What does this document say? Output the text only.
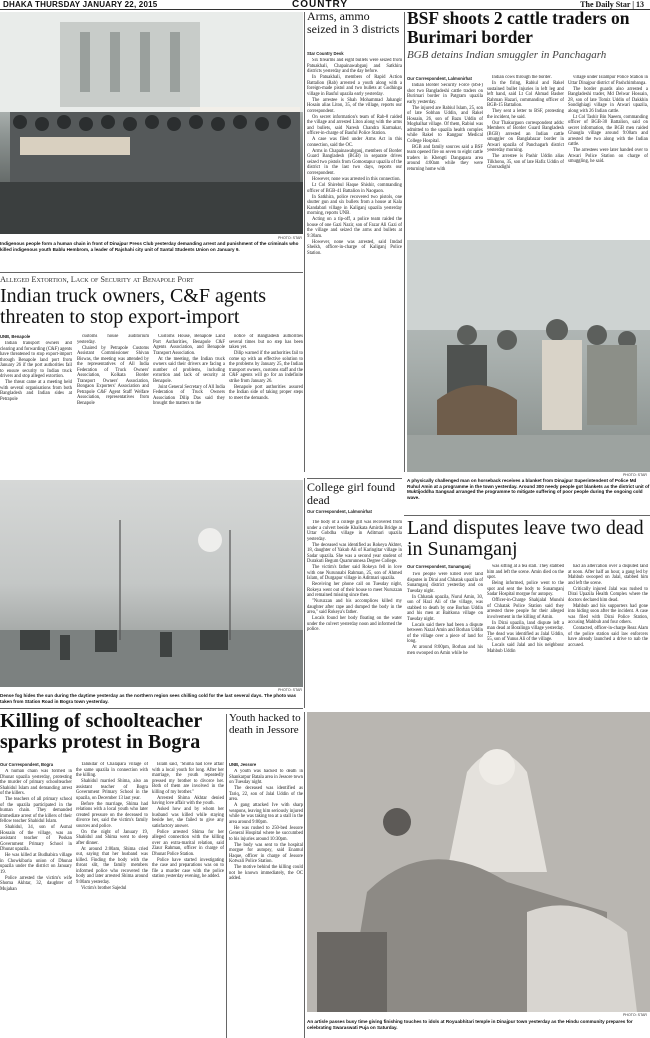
DHAKA THURSDAY JANUARY 22, 2015	COUNTRY	The Daily Star | 13
PHOTO: STAR
Indigenous people form a human chain in front of Dinajpur Press Club yesterday demanding arrest and punishment of the criminals who killed indigenous youth Bablu Hembrom, a leader of Rajshahi city unit of Santal Students Union on January 9.
Arms, ammo seized in 3 districts
Star Country Desk

Six firearms and eight bullets were seized from Patuakhali, Chapainawabganj and Satkhira districts yesterday and the day before.

In Patuakhali, members of Rapid Action Battalion (Rab) arrested a youth along with a foreign-made pistol and two bullets at Godhinga village in Bauful upazila early yesterday.

The arrestee is Shah Mohammad Jahangir Hosain alias Liton, 35, of the village, reports our correspondent.

On secret information's team of Rab-8 raided the village and arrested Liton along with the arms and bullets, said Naresh Chandra Karmakar, officer-in-charge of Bauful Police Station.

A case was filed under Arms Act in this connection, said the OC.

Arms in Chapainawabganj, members of Border Guard Bangladesh (BGB) in separate drives seized two pistols from Gomostapur upazila of the district in the last two days, reports our correspondent.

However, none was arrested in this connection.

Lt Col Shirebul Haque Shishir, commanding officer of BGB-41 Battalion in Naogaon.

In Satkhira, police recovered two pistols, one shutter gun and six bullets from a house at Kala Kandabari village in Kaliganj upazila yesterday morning, reports UNB.

Acting on a tip-off, a police team raided the house of one Gazi Nazir, son of Fazar Ali Gazi of the village and seized the arms and bullets at 9:30am.

However, none was arrested, said Imdad Sheikh, officer-in-charge of Kaliganj Police Station.

BSF shoots 2 cattle traders on Burimari border
BGB detains Indian smuggler in Panchagarh
Our Correspondent, Lalmonirhat

Indian Border Security Force (BSF) shot two Bangladeshi cattle traders on Burimari border in Patgram upazila early yesterday.

The injured are Rabiul Islam, 25, son of late Sobhan Uddin, and Rakel Hossain, 26, son of Bazu Uddin of Moghalhat village. Of them, Rabiul was admitted to the upazila health complex while Rakel to Rangpur Medical College Hospital.

BGB and family sources said a BSF team opened fire on seven to eight cattle traders in Khengti Dangapara area around 4:00am while they were returning home with

Indian cows through the border.

In the firing, Rabiul and Rakel sustained bullet injuries in left leg and left hand, said Lt Col Ahmad Basher Rahman Hazari, commanding officer of BGB-15 Battalion.

They sent a letter to BSF, protesting the incident, he said.

Our Thakurgaon correspondent adds: Members of Border Guard Bangladesh (BGB) arrested an Indian cattle smuggler on Banglabazar border in Atwari upazila of Panchagarh district yesterday morning.

The arrestee is Pashir Uddin alias Tilkhonu, 35, son of late Hafiz Uddin of Ghorsadighi

village under Islampur Police Station in Uttar Dinajpur district of Pashchimbanga.

The border guards also arrested a Bangladeshi trader, Md Delwar Hossain, 28, son of late Tomiz Uddin of Dakkhin Sondighiagi village in Atwari upazila, along with 26 Indian cattle.

Lt Col Tashir Bin Naeem, commanding officer of BGB-30 Battalion, said on secret information, the BGB men raided Ghaugla village around 9:00am and arrested the two along with the Indian cattle.

The arrestees were later handed over to Atwari Police Station on charge of smuggling, he said.

PHOTO: STAR
A physically challenged man on horseback receives a blanket from Dinajpur Superintendent of Police Md Ruhul Amin at a programme in the town yesterday. Around 300 needy people got blankets as the district unit of Muktijoddha Sangsad arranged the programme to mitigate suffering of poor people during the ongoing cold wave.
Alleged Extortion, Lack of Security at Benapole Port
Indian truck owners, C&F agents threaten to stop export-import
UNB, Benapole

Indian transport owners and clearing and forwarding (C&F) agents have threatened to stop export-import through Benapole land port from January 26 if the port authorities fail to ensure security to Indian truck drivers and stop alleged extortion.

The threat came at a meeting held with several organisations from both Bangladesh and Indian sides at Petrapole

customs house auditorium yesterday.

Chaired by Petrapole Customs Assistant Commissioner Shivan Biswas, the meeting was attended by the representatives of All India Federation of Truck Owners' Association, Kolkata Border Transport Owners' Association, Bongaon Exporters' Association and Petrapole C&F Agent Staff Welfare Association, representatives from Benapole

Customs House, Benapole Land Port Authorities, Benapole C&F Agents Association, and Benapole Transport Association.

At the meeting, the Indian truck owners said their drivers are facing a number of problems, including extortion and lack of security at Benapole.

Joint General Secretary of All India Federation of Truck Owners Association Dilip Das said they brought the matters to the

notice of Bangladesh authorities several times but no step has been taken yet.

Dilip warned if the authorities fail to come up with an effective solution to the problems by January 25, the Indian transport owners, customs staff and the C&F agents will go for an indefinite strike from January 26.

Benapole port authorities assured the Indian side of taking proper steps to meet the demands.

PHOTO: STAR
Dense fog hides the sun during the daytime yesterday as the northern region sees chilling cold for the last several days. The photo was taken from Station Road in Bogra town yesterday.
College girl found dead
Our Correspondent, Lalmonirhat

The body of a college girl was recovered from under a culvert beside Khalkata Amirda Bridge at Uttar Gobdha village in Aditmari upazila yesterday.

The deceased was identified as Rokeya Akhter, 18, daughter of Yakub Ali of Karingitar village in Sadar upazila. She was a second year student of Durakuti Begum Quamrunnesa Degree College.

The victim's father said Rokeya fell in love with one Nurunnabi Rahman, 25, son of Ahmed Islam, of Durgapur village in Aditmari upazila.

Receiving her phone call on Tuesday night, Rokeya went out of their house to meet Nuruzzan and remained missing since then.

"Nuruzzan and his accomplices killed my daughter after rape and dumped the body in the area," said Rokeya's father.

Locals found her body floating on the water under the culvert yesterday noon and informed the police.

Land disputes leave two dead in Sunamganj
Our Correspondent, Sunamganj

Two people were killed over land disputes in Dirai and Chhatak upazila of Sunamganj district yesterday and on Tuesday night.

In Chhatak upazila, Nurul Amin, 30, son of Hazi Ali of the village, was stabbed to death by one Borhan Uddin and his men at Baitkona village on Tuesday night.

Locals said there had been a dispute between Nazal Amin and Borhan Uddin of the village over a piece of land for long.

At around 8:00pm, Borhan and his men swooped on Amin while he

was sitting at a tea stall. They stabbed him and left the scene. Amin died on the spot.

Being informed, police went to the spot and sent the body to Sunamganj Sadar Hospital morgue for autopsy.

Officer-in-Charge Shahjalal Munshi of Chhatak Police Station said they arrested three people for their alleged involvement in the killing of Amin.

In Dirai upazila, land dispute left a man dead at Boralinga village yesterday. The dead was identified as Jalal Uddin, 55, son of Yunus Ali of the village.

Locals said Jalal and his neighbour Mahbub Uddin

had an altercation over a disputed land at noon. After half an hour, a gang led by Mahbub swooped on Jalal, stabbed him and left the scene.

Critically injured Jalal was rushed to Dirai Upazila Health Complex where the doctors declared him dead.

Mahbub and his supporters had gone into hiding soon after the incident. A case was filed with Dirai Police Station, accusing Mahbub and four others.

Contacted, officer-in-charge Reaz Alam of the police station said law enforcers have already launched a drive to nab the accused.

Killing of schoolteacher sparks protest in Bogra
Our Correspondent, Bogra

A human chain was formed in Dhunat upazila yesterday, protesting the murder of primary schoolteacher Shahidul Islam and demanding arrest of the killers.

The teachers of all primary school of the upazila participated in the human chain. They demanded immediate arrest of the killers of their fellow teacher Shahidul Islam.

Shahidul, 34, son of Asmal Hossain of the village, was an assistant teacher of Poskan Government Primary School in Dhunat upazila.

He was killed at Budhabira village in Chowkibaria union of Dhunat upazila under the district on January 19.

Police arrested the victim's wife Shoma Akhtar, 32, daughter of Mujahan

Talukdar of Chalapara village of the same upazila in connection with the killing.

Shahidul married Shima, also an assistant teacher of Bogra Government Primary School in the upazila, on December 13 last year.

Before the marriage, Shima had relations with a local youth who later created pressure on the deceased to divorce her, said the victim's family sources and police.

On the night of January 19, Shahidul and Shima went to sleep after dinner.

At around 2:00am, Shima cried out, saying that her husband was killed. Finding the body with the throat slit, the family members informed police who recovered the body and later arrested Shima around 9:00am yesterday.

Victim's brother Sajedul

Islam said, "Shima had love affair with a local youth for long. After her marriage, the youth repeatedly pressed my brother to divorce her. Both of them are involved in the killing of my brother."

Arrested Shima Akhtar denied having love affair with the youth.

Asked how and by whom her husband was killed while staying beside her, she failed to give any satisfactory answer.

Police arrested Shima for her alleged connection with the killing over an extra-marital relation, said Ziaur Rahman, officer in charge of Dhunat Police Station.

Police have started investigating the case and preparations was on to file a murder case with the police station yesterday evening, he added.

Youth hacked to death in Jessore
UNB, Jessore

A youth was hacked to death in Shankarpur Batala area in Jessore town on Tuesday night.

The deceased was identified as Tariq, 22, son of Jalal Uddin of the area.

A gang attacked Ive with sharp weapons, leaving him seriously injured while he was taking tea at a stall in the area around 9:00pm.

He was rushed to 250-bed Jessore General Hospital where he succumbed to his injuries around 10:30pm.

The body was sent to the hospital morgue for autopsy, said Enamul Haque, officer in charge of Jessore Kotwali Police Station.

The motive behind the killing could not be known immediately, the OC added.

PHOTO: STAR
An artisle passes busy time giving finishing touches to idols at Royuabhitari temple in Dinajpur town yesterday as the Hindu community prepares for celebrating Swaraswati Puja on Saturday.
